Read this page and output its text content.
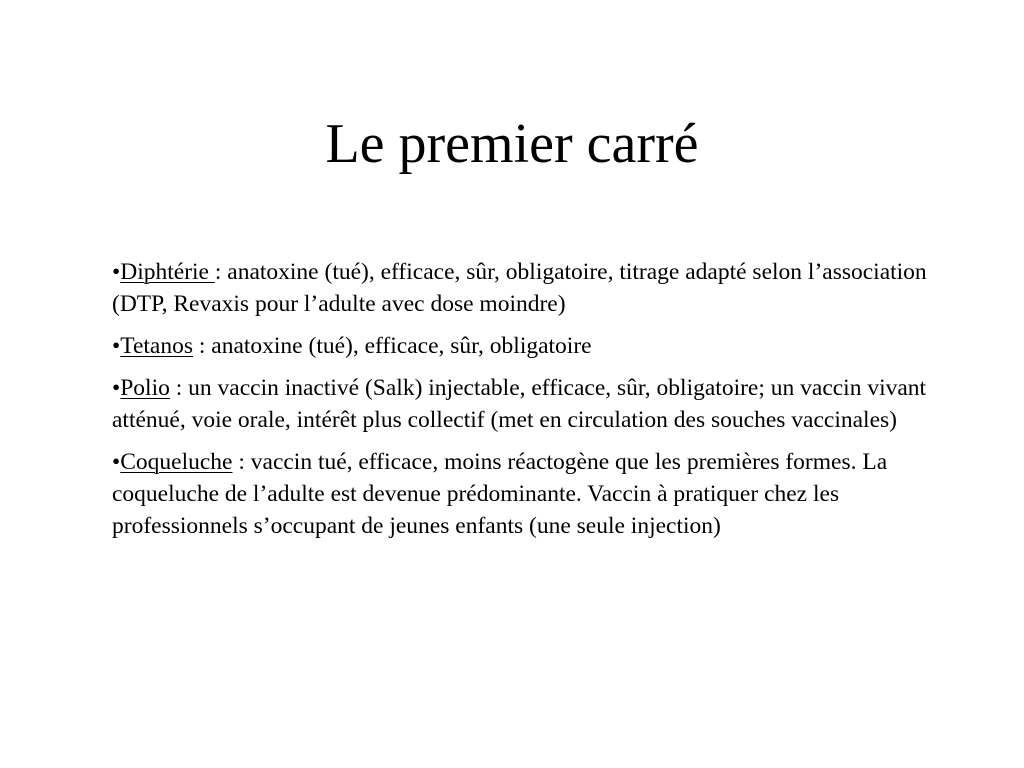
Le premier carré

•Diphtérie : anatoxine (tué), efficace, sûr, obligatoire, titrage adapté selon l’association (DTP, Revaxis pour l’adulte avec dose moindre)

•Tetanos : anatoxine (tué), efficace, sûr, obligatoire

•Polio : un vaccin inactivé (Salk) injectable, efficace, sûr, obligatoire; un vaccin vivant atténué, voie orale, intérêt plus collectif (met en circulation des souches vaccinales)

•Coqueluche : vaccin tué, efficace, moins réactogène que les premières formes. La coqueluche de l’adulte est devenue prédominante. Vaccin à pratiquer chez les professionnels s’occupant de jeunes enfants (une seule injection)
